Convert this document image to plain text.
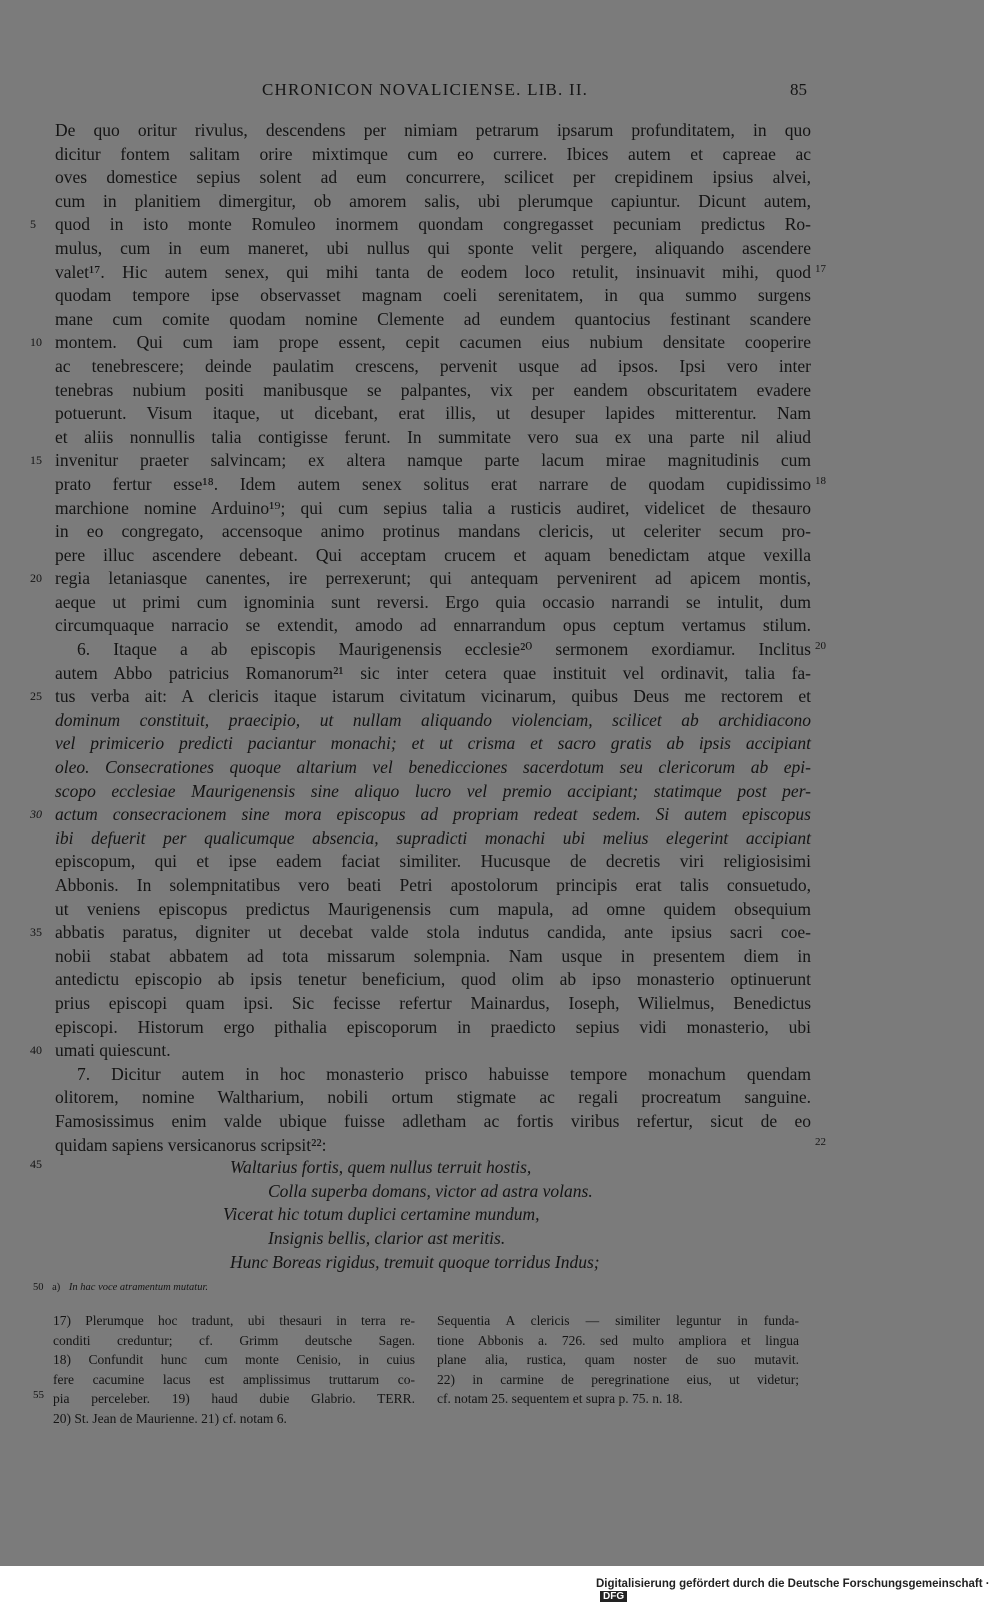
CHRONICON NOVALICIENSE. LIB. II.	85
De quo oritur rivulus, descendens per nimiam petrarum ipsarum profunditatem, in quo
dicitur fontem salitam orire mixtimque cum eo currere. Ibices autem et capreae ac
oves domestice sepius solent ad eum concurrere, scilicet per crepidinem ipsius alvei,
cum in planitiem dimergitur, ob amorem salis, ubi plerumque capiuntur. Dicunt autem,
5 quod in isto monte Romuleo inormem quondam congregasset pecuniam predictus Ro-
mulus, cum in eum maneret, ubi nullus qui sponte velit pergere, aliquando ascendere
valet¹⁷. Hic autem senex, qui mihi tanta de eodem loco retulit, insinuavit mihi, quod 17
quodam tempore ipse observasset magnam coeli serenitatem, in qua summo surgens
mane cum comite quodam nomine Clemente ad eundem quantocius festinant scandere
10 montem. Qui cum iam prope essent, cepit cacumen eius nubium densitate cooperire
ac tenebrescere; deinde paulatim crescens, pervenit usque ad ipsos. Ipsi vero inter
tenebras nubium positi manibusque se palpantes, vix per eandem obscuritatem evadere
potuerunt. Visum itaque, ut dicebant, erat illis, ut desuper lapides mitterentur. Nam
et aliis nonnullis talia contigisse ferunt. In summitate vero sua ex una parte nil aliud
15 invenitur praeter salvincam; ex altera namque parte lacum mirae magnitudinis cum
prato fertur esse¹⁸. Idem autem senex solitus erat narrare de quodam cupidissimo 18
marchione nomine Arduino¹⁹; qui cum sepius talia a rusticis audiret, videlicet de thesauro
in eo congregato, accensoque animo protinus mandans clericis, ut celeriter secum pro-
pere illuc ascendere debeant. Qui acceptam crucem et aquam benedictam atque vexilla
20 regia letaniasque canentes, ire perrexerunt; qui antequam pervenirent ad apicem montis,
aeque ut primi cum ignominia sunt reversi. Ergo quia occasio narrandi se intulit, dum
circumquaque narracio se extendit, amodo ad ennarrandum opus ceptum vertamus stilum.
6. Itaque a ab episcopis Maurigenensis ecclesie²⁰ sermonem exordiamur. Inclitus 20
autem Abbo patricius Romanorum²¹ sic inter cetera quae instituit vel ordinavit, talia fa-
25 tus verba ait: A clericis itaque istarum civitatum vicinarum, quibus Deus me rectorem et
dominum constituit, praecipio, ut nullam aliquando violenciam, scilicet ab archidiacono
vel primicerio predicti paciantur monachi; et ut crisma et sacro gratis ab ipsis accipiant
oleo. Consecrationes quoque altarium vel benedicciones sacerdotum seu clericorum ab epi-
scopo ecclesiae Maurigenensis sine aliquo lucro vel premio accipiant; statimque post per-
30 actum consecracionem sine mora episcopus ad propriam redeat sedem. Si autem episcopus
ibi defuerit per qualicumque absencia, supradicti monachi ubi melius elegerint accipiant
episcopum, qui et ipse eadem faciat similiter. Hucusque de decretis viri religiosisimi
Abbonis. In solempnitatibus vero beati Petri apostolorum principis erat talis consuetudo,
ut veniens episcopus predictus Maurigenensis cum mapula, ad omne quidem obsequium
35 abbatis paratus, digniter ut decebat valde stola indutus candida, ante ipsius sacri coe-
nobii stabat abbatem ad tota missarum solempnia. Nam usque in presentem diem in
antedictu episcopio ab ipsis tenetur beneficium, quod olim ab ipso monasterio optinuerunt
prius episcopi quam ipsi. Sic fecisse refertur Mainardus, Ioseph, Wilielmus, Benedictus
episcopi. Historum ergo pithalia episcoporum in praedicto sepius vidi monasterio, ubi
40 umati quiescunt.
7. Dicitur autem in hoc monasterio prisco habuisse tempore monachum quendam
olitorem, nomine Waltharium, nobili ortum stigmate ac regali procreatum sanguine.
Famosissimus enim valde ubique fuisse adletham ac fortis viribus refertur, sicut de eo
quidam sapiens versicanorus scripsit²²:	22
45	Waltarius fortis, quem nullus terruit hostis,
Colla superba domans, victor ad astra volans.
Vicerat hic totum duplici certamine mundum,
Insignis bellis, clarior ast meritis.
Hunc Boreas rigidus, tremuit quoque torridus Indus;
50 a) In hac voce atramentum mutatur.
17) Plerumque hoc tradunt, ubi thesauri in terra re-
conditi creduntur; cf. Grimm deutsche Sagen.
18) Confundit hunc cum monte Cenisio, in cuius
fere cacumine lacus est amplissimus truttarum co-
55 pia perceleber. 19) haud dubie Glabrio. TERR.
20) St. Jean de Maurienne. 21) cf. notam 6.
Sequentia A clericis — similiter leguntur in funda-
tione Abbonis a. 726. sed multo ampliora et lingua
plane alia, rustica, quam noster de suo mutavit.
22) in carmine de peregrinatione eius, ut videtur;
cf. notam 25. sequentem et supra p. 75. n. 18.
Digitalisierung gefördert durch die Deutsche Forschungsgemeinschaft · DFG
